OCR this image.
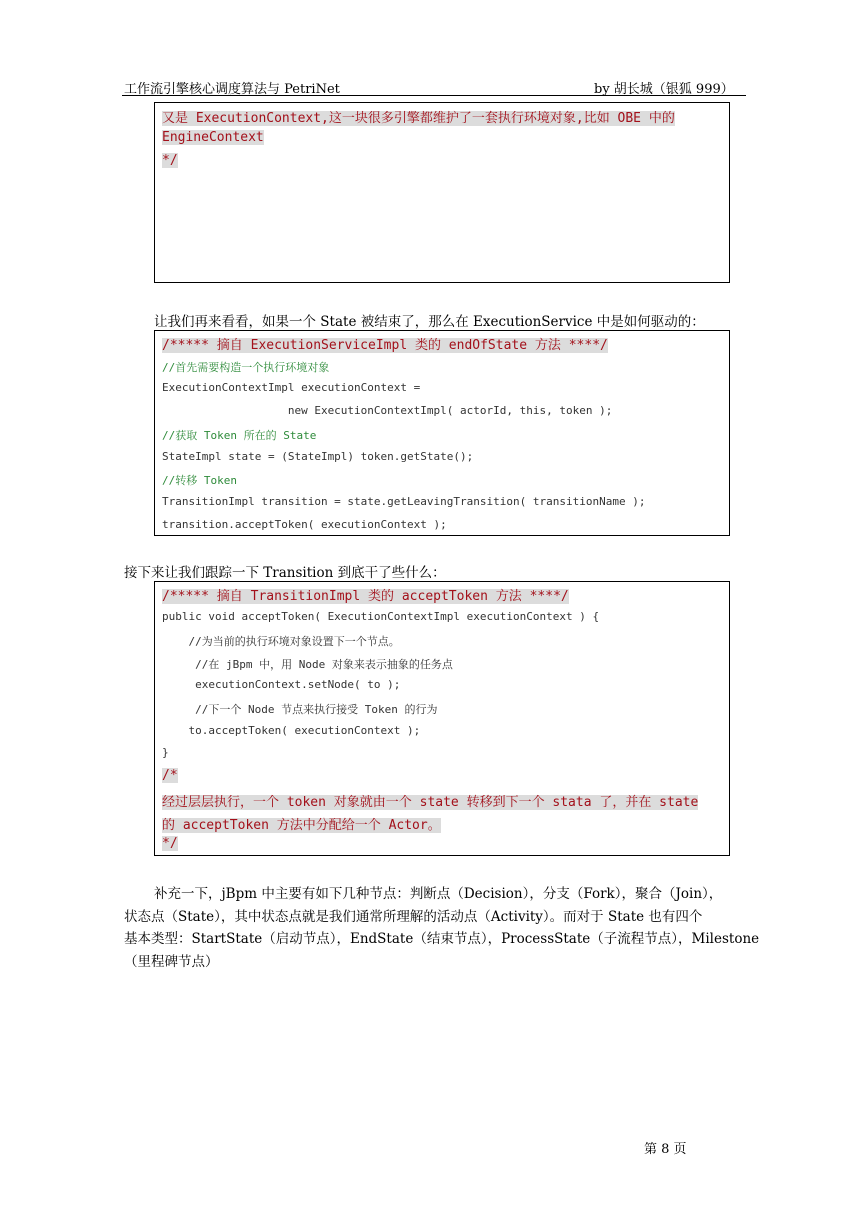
工作流引擎核心调度算法与 PetriNet	by 胡长城（银狐 999）
又是 ExecutionContext,这一块很多引擎都维护了一套执行环境对象,比如 OBE 中的
EngineContext
*/
让我们再来看看，如果一个 State 被结束了，那么在 ExecutionService 中是如何驱动的：
/***** 摘自 ExecutionServiceImpl 类的 endOfState 方法 ****/
//首先需要构造一个执行环境对象
ExecutionContextImpl executionContext =
new ExecutionContextImpl( actorId, this, token );
//获取 Token 所在的 State
StateImpl state = (StateImpl) token.getState();
//转移 Token
TransitionImpl transition = state.getLeavingTransition( transitionName );
transition.acceptToken( executionContext );
接下来让我们跟踪一下 Transition 到底干了些什么：
/***** 摘自 TransitionImpl 类的 acceptToken 方法 ****/
public void acceptToken( ExecutionContextImpl executionContext ) {
//为当前的执行环境对象设置下一个节点。
//在 jBpm 中，用 Node 对象来表示抽象的任务点
executionContext.setNode( to );
//下一个 Node 节点来执行接受 Token 的行为
to.acceptToken( executionContext );
}
/*
经过层层执行，一个 token 对象就由一个 state 转移到下一个 stata 了，并在 state
的 acceptToken 方法中分配给一个 Actor。
*/
补充一下，jBpm 中主要有如下几种节点：判断点（Decision），分支（Fork），聚合（Join），
状态点（State），其中状态点就是我们通常所理解的活动点（Activity）。而对于 State 也有四个
基本类型：StartState（启动节点），EndState（结束节点），ProcessState（子流程节点），Milestone
（里程碑节点）
第 8 页
